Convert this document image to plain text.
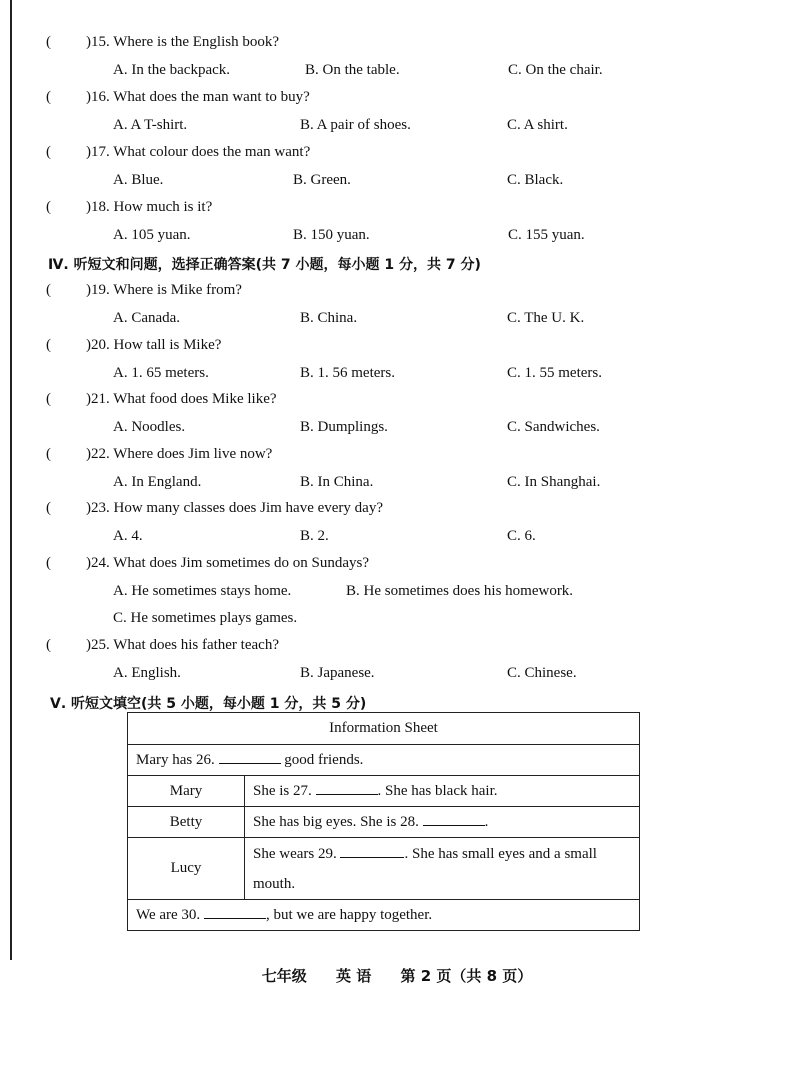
( )15. Where is the English book?
A. In the backpack.	B. On the table.	C. On the chair.
( )16. What does the man want to buy?
A. A T-shirt.	B. A pair of shoes.	C. A shirt.
( )17. What colour does the man want?
A. Blue.	B. Green.	C. Black.
( )18. How much is it?
A. 105 yuan.	B. 150 yuan.	C. 155 yuan.
Ⅳ. 听短文和问题，选择正确答案(共 7 小题，每小题 1 分，共 7 分)
( )19. Where is Mike from?
A. Canada.	B. China.	C. The U. K.
( )20. How tall is Mike?
A. 1. 65 meters.	B. 1. 56 meters.	C. 1. 55 meters.
( )21. What food does Mike like?
A. Noodles.	B. Dumplings.	C. Sandwiches.
( )22. Where does Jim live now?
A. In England.	B. In China.	C. In Shanghai.
( )23. How many classes does Jim have every day?
A. 4.	B. 2.	C. 6.
( )24. What does Jim sometimes do on Sundays?
A. He sometimes stays home.	B. He sometimes does his homework.
C. He sometimes plays games.
( )25. What does his father teach?
A. English.	B. Japanese.	C. Chinese.
Ⅴ. 听短文填空(共 5 小题，每小题 1 分，共 5 分)
Information Sheet	
Mary has 26. good friends.	
Mary	She is 27. . She has black hair.
Betty	She has big eyes. She is 28. .
Lucy	She wears 29. . She has small eyes and a small mouth.
We are 30. , but we are happy together.	
七年级 英 语 第 2 页（共 8 页）
